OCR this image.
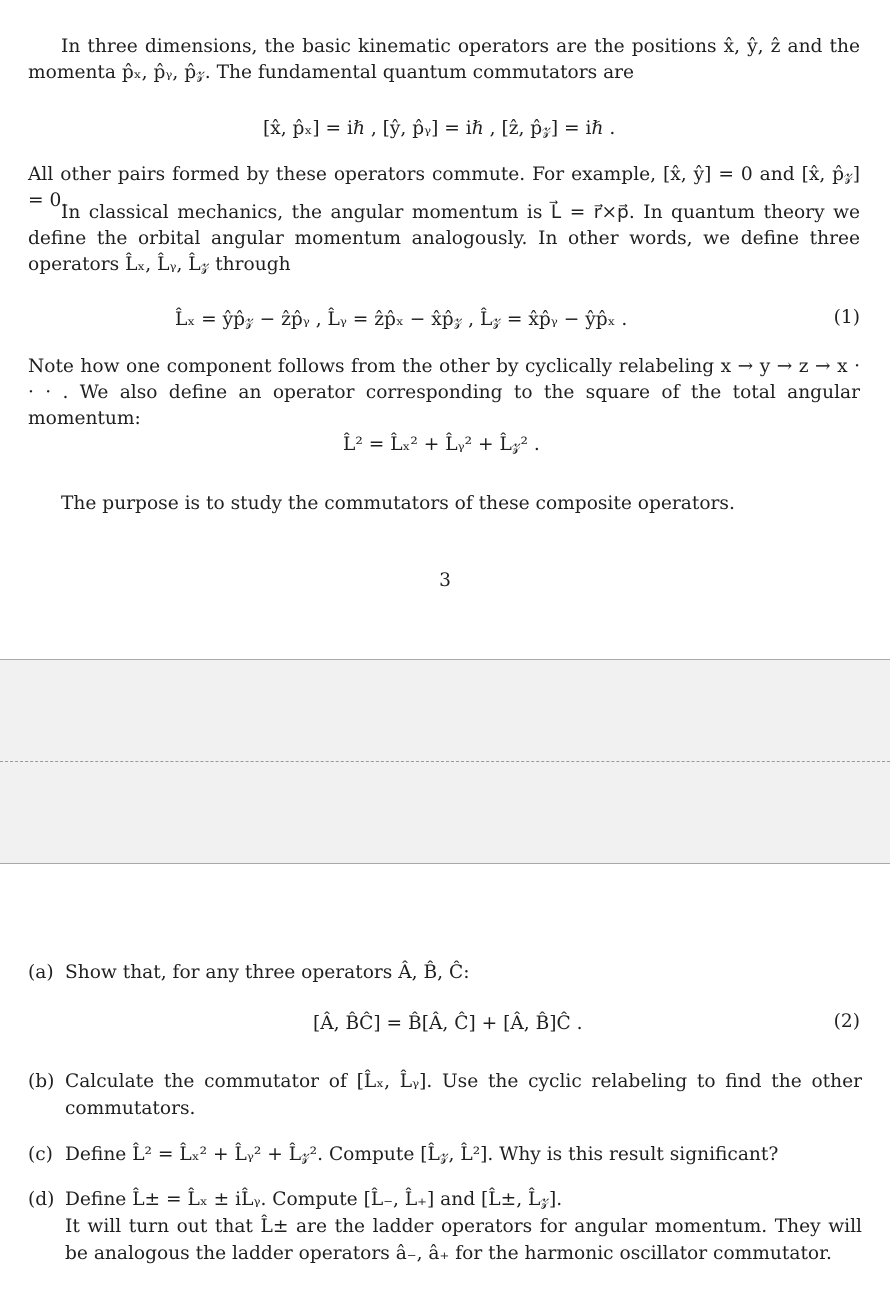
In three dimensions, the basic kinematic operators are the positions x̂, ŷ, ẑ and the momenta p̂ₓ, p̂ᵧ, p̂𝓏. The fundamental quantum commutators are
[x̂, p̂ₓ] = iℏ , [ŷ, p̂ᵧ] = iℏ , [ẑ, p̂𝓏] = iℏ .
All other pairs formed by these operators commute. For example, [x̂, ŷ] = 0 and [x̂, p̂𝓏] = 0.
In classical mechanics, the angular momentum is L⃗ = r⃗×p⃗. In quantum theory we define the orbital angular momentum analogously. In other words, we define three operators L̂ₓ, L̂ᵧ, L̂𝓏 through
L̂ₓ = ŷp̂𝓏 − ẑp̂ᵧ , L̂ᵧ = ẑp̂ₓ − x̂p̂𝓏 , L̂𝓏 = x̂p̂ᵧ − ŷp̂ₓ .	(1)
Note how one component follows from the other by cyclically relabeling x → y → z → x · · · . We also define an operator corresponding to the square of the total angular momentum:
L̂² = L̂ₓ² + L̂ᵧ² + L̂𝓏² .
The purpose is to study the commutators of these composite operators.
3
(a) Show that, for any three operators Â, B̂, Ĉ:
[Â, B̂Ĉ] = B̂[Â, Ĉ] + [Â, B̂]Ĉ .	(2)
(b) Calculate the commutator of [L̂ₓ, L̂ᵧ]. Use the cyclic relabeling to find the other commutators.
(c) Define L̂² = L̂ₓ² + L̂ᵧ² + L̂𝓏². Compute [L̂𝓏, L̂²]. Why is this result significant?
(d) Define L̂± = L̂ₓ ± iL̂ᵧ. Compute [L̂₋, L̂₊] and [L̂±, L̂𝓏].
It will turn out that L̂± are the ladder operators for angular momentum. They will be analogous the ladder operators â₋, â₊ for the harmonic oscillator commutator.
